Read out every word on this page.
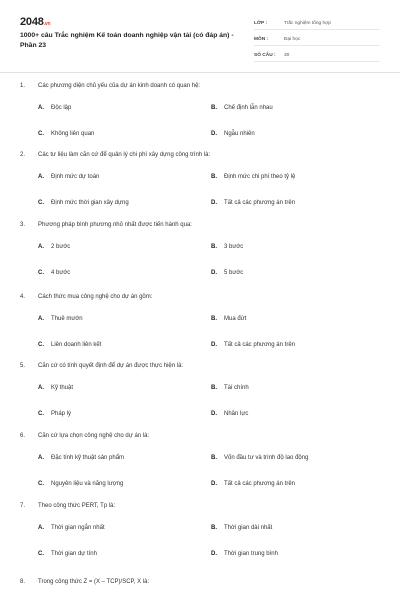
2048.vn
1000+ câu Trắc nghiệm Kế toán doanh nghiệp vận tải (có đáp án) - Phần 23
LỚP :	Trắc nghiệm tổng hợp
MÔN :	Đại học
SỐ CÂU :	30
1. Các phương diện chủ yếu của dự án kinh doanh có quan hệ:
A. Độc lập	B. Chế định lẫn nhau
C. Không liên quan	D. Ngẫu nhiên
2. Các tư liệu làm căn cứ để quản lý chi phí xây dựng công trình là:
A. Định mức dự toán	B. Định mức chi phí theo tỷ lệ
C. Định mức thời gian xây dựng	D. Tất cả các phương án trên
3. Phương pháp bình phương nhỏ nhất được tiến hành qua:
A. 2 bước	B. 3 bước
C. 4 bước	D. 5 bước
4. Cách thức mua công nghệ cho dự án gồm:
A. Thuê mướn	B. Mua đứt
C. Liên doanh liên kết	D. Tất cả các phương án trên
5. Căn cứ có tính quyết định để dự án được thực hiện là:
A. Kỹ thuật	B. Tài chính
C. Pháp lý	D. Nhân lực
6. Căn cứ lựa chọn công nghệ cho dự án là:
A. Đặc tính kỹ thuật sản phẩm	B. Vốn đầu tư và trình độ lao động
C. Nguyên liệu và năng lượng	D. Tất cả các phương án trên
7. Theo công thức PERT, Tp là:
A. Thời gian ngắn nhất	B. Thời gian dài nhất
C. Thời gian dự tính	D. Thời gian trung bình
8. Trong công thức Z = (X – TCP)/SCP, X là:
